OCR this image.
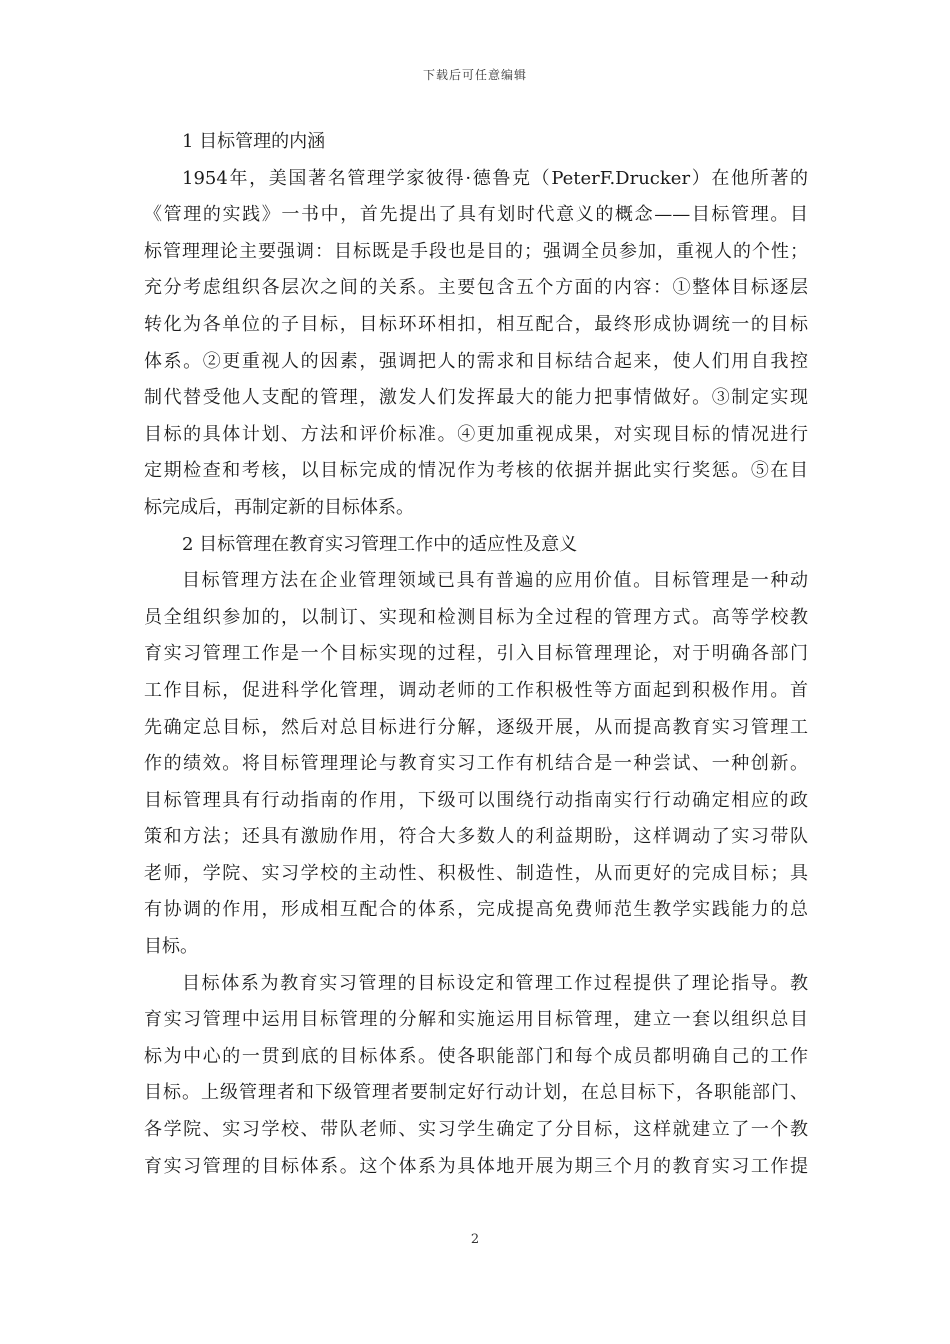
下载后可任意编辑
1 目标管理的内涵
1954年，美国著名管理学家彼得·德鲁克（PeterF.Drucker）在他所著的
《管理的实践》一书中，首先提出了具有划时代意义的概念——目标管理。目
标管理理论主要强调：目标既是手段也是目的；强调全员参加，重视人的个性；
充分考虑组织各层次之间的关系。主要包含五个方面的内容：①整体目标逐层
转化为各单位的子目标，目标环环相扣，相互配合，最终形成协调统一的目标
体系。②更重视人的因素，强调把人的需求和目标结合起来，使人们用自我控
制代替受他人支配的管理，激发人们发挥最大的能力把事情做好。③制定实现
目标的具体计划、方法和评价标准。④更加重视成果，对实现目标的情况进行
定期检查和考核，以目标完成的情况作为考核的依据并据此实行奖惩。⑤在目
标完成后，再制定新的目标体系。
2 目标管理在教育实习管理工作中的适应性及意义
目标管理方法在企业管理领域已具有普遍的应用价值。目标管理是一种动
员全组织参加的，以制订、实现和检测目标为全过程的管理方式。高等学校教
育实习管理工作是一个目标实现的过程，引入目标管理理论，对于明确各部门
工作目标，促进科学化管理，调动老师的工作积极性等方面起到积极作用。首
先确定总目标，然后对总目标进行分解，逐级开展，从而提高教育实习管理工
作的绩效。将目标管理理论与教育实习工作有机结合是一种尝试、一种创新。
目标管理具有行动指南的作用，下级可以围绕行动指南实行行动确定相应的政
策和方法；还具有激励作用，符合大多数人的利益期盼，这样调动了实习带队
老师，学院、实习学校的主动性、积极性、制造性，从而更好的完成目标；具
有协调的作用，形成相互配合的体系，完成提高免费师范生教学实践能力的总
目标。
目标体系为教育实习管理的目标设定和管理工作过程提供了理论指导。教
育实习管理中运用目标管理的分解和实施运用目标管理，建立一套以组织总目
标为中心的一贯到底的目标体系。使各职能部门和每个成员都明确自己的工作
目标。上级管理者和下级管理者要制定好行动计划，在总目标下，各职能部门、
各学院、实习学校、带队老师、实习学生确定了分目标，这样就建立了一个教
育实习管理的目标体系。这个体系为具体地开展为期三个月的教育实习工作提
2
